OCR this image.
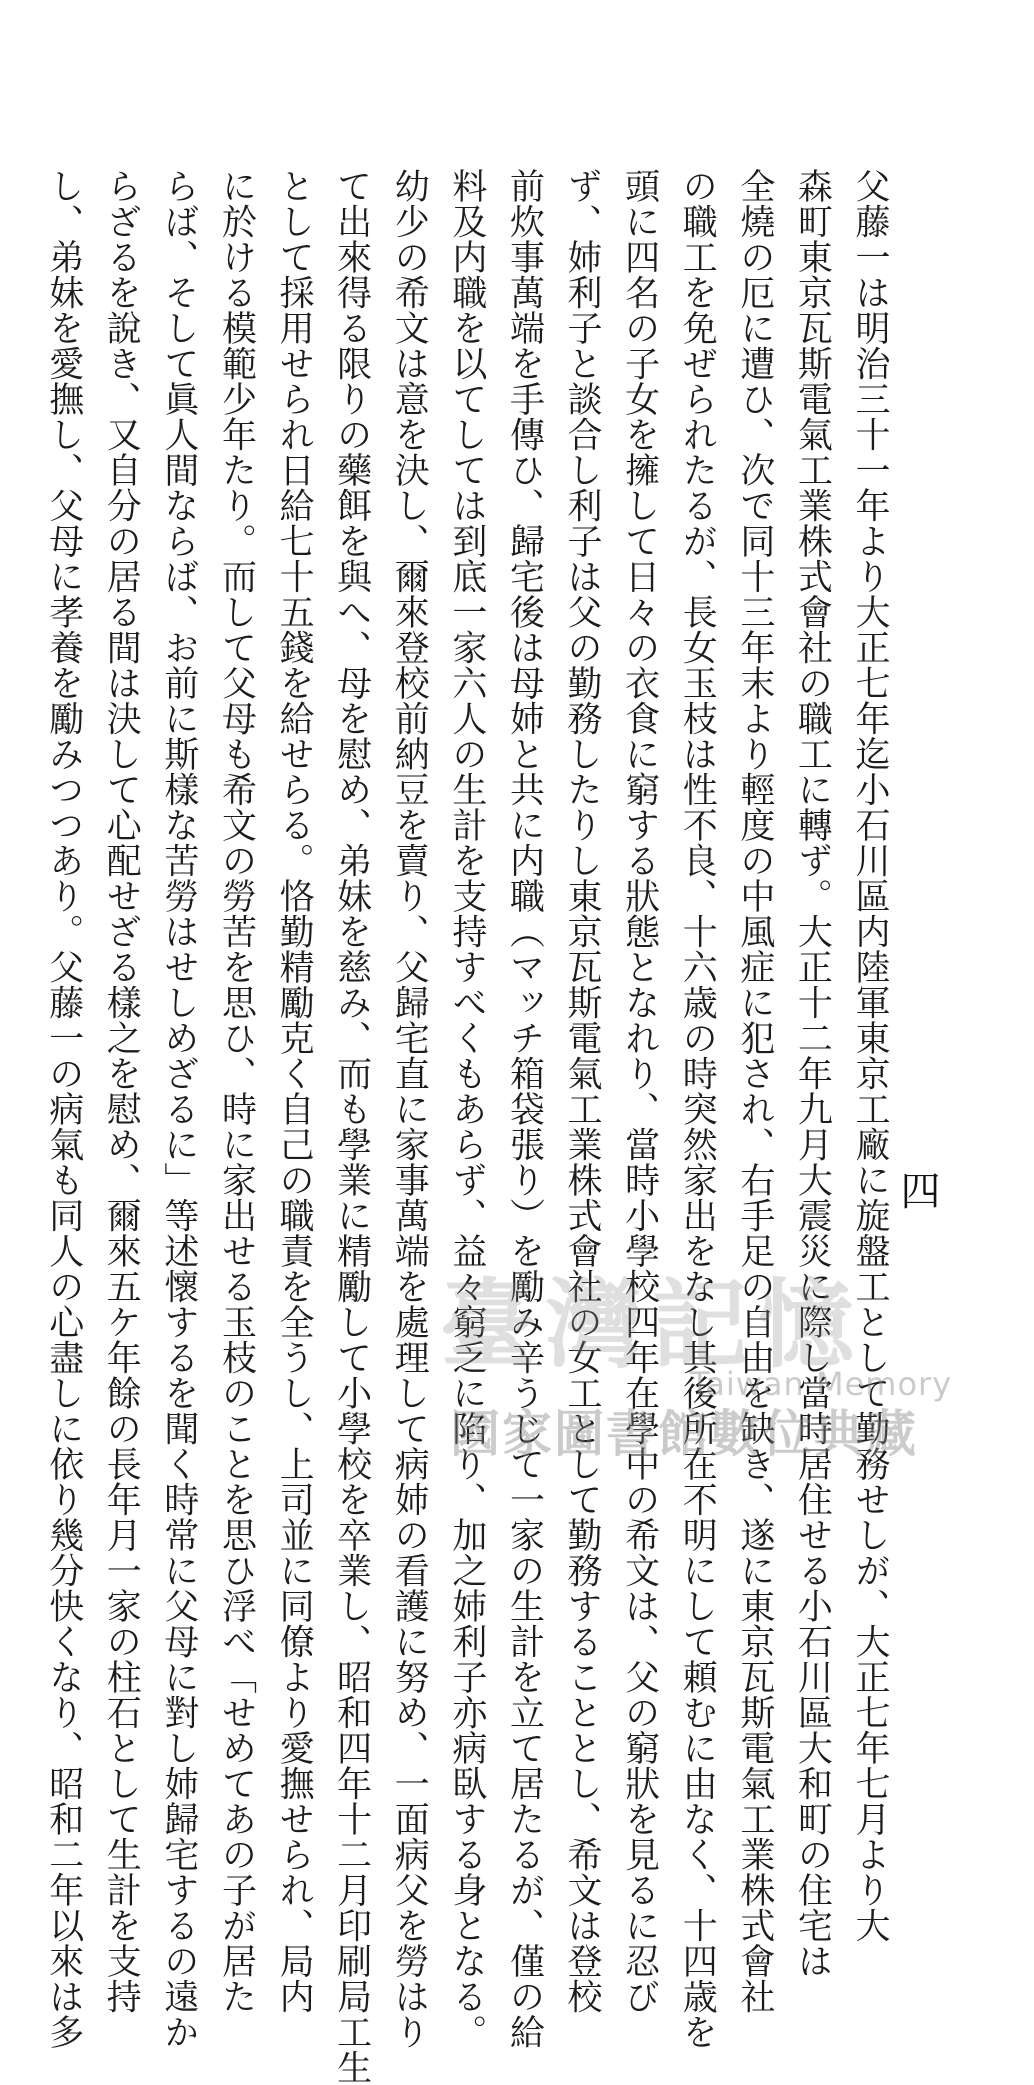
父藤一は明治三十一年より大正七年迄小石川區内陸軍東京工廠に旋盤工として勤務せしが、大正七年七月より大
森町東京瓦斯電氣工業株式會社の職工に轉ず。大正十二年九月大震災に際し當時居住せる小石川區大和町の住宅は
全燒の厄に遭ひ、次で同十三年末より輕度の中風症に犯され、右手足の自由を缺き、遂に東京瓦斯電氣工業株式會社
の職工を免ぜられたるが、長女玉枝は性不良、十六歳の時突然家出をなし其後所在不明にして頼むに由なく、十四歳を
頭に四名の子女を擁して日々の衣食に窮する狀態となれり、當時小學校四年在學中の希文は、父の窮狀を見るに忍び
ず、姉利子と談合し利子は父の勤務したりし東京瓦斯電氣工業株式會社の女工として勤務することとし、希文は登校
前炊事萬端を手傳ひ、歸宅後は母姉と共に内職（マッチ箱袋張り）を勵み辛うじて一家の生計を立て居たるが、僅の給
料及内職を以てしては到底一家六人の生計を支持すべくもあらず、益々窮乏に陷り、加之姉利子亦病臥する身となる。
幼少の希文は意を決し、爾來登校前納豆を賣り、父歸宅直に家事萬端を處理して病姉の看護に努め、一面病父を勞はり
て出來得る限りの藥餌を與へ、母を慰め、弟妹を慈み、而も學業に精勵して小學校を卒業し、昭和四年十二月印刷局工生
として採用せられ日給七十五錢を給せらる。恪勤精勵克く自己の職責を全うし、上司並に同僚より愛撫せられ、局内
に於ける模範少年たり。而して父母も希文の勞苦を思ひ、時に家出せる玉枝のことを思ひ浮べ「せめてあの子が居た
らば、そして眞人間ならば、お前に斯樣な苦勞はせしめざるに」等述懷するを聞く時常に父母に對し姉歸宅するの遠か
らざるを說き、又自分の居る間は決して心配せざる樣之を慰め、爾來五ケ年餘の長年月一家の柱石として生計を支持
し、弟妹を愛撫し、父母に孝養を勵みつつあり。父藤一の病氣も同人の心盡しに依り幾分快くなり、昭和二年以來は多	四
臺灣記憶
Taiwan Memory
國家圖書館數位典藏
